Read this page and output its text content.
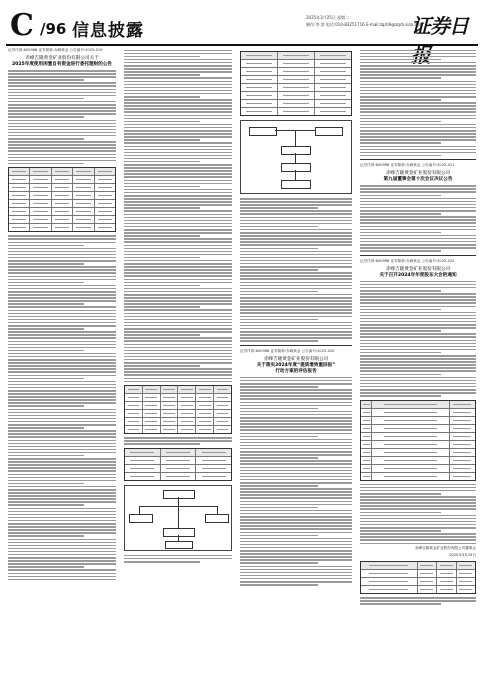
C /96 信息披露
2025年3月25日 星期二
制作:李 滨 电话:010-83251716 E-mail:zqrb9@zqrb.sina.net
证券日
证券代码:600988 证券简称:赤峰黄金 公告编号:2025-019
赤峰吉隆黄金矿业股份有限公司关于
2025年度使用闲置自有资金进行委托理财的公告
证券代码:600988 证券简称:赤峰黄金 公告编号:2025-020
赤峰吉隆黄金矿业股份有限公司
关于落实2024年度“提质增效重回报”
行动方案的评估报告
证券代码:600988 证券简称:赤峰黄金 公告编号:2025-021
赤峰吉隆黄金矿业股份有限公司
第九届董事会第十次会议决议公告
证券代码:600988 证券简称:赤峰黄金 公告编号:2025-022
赤峰吉隆黄金矿业股份有限公司
关于召开2024年年度股东大会的通知
赤峰吉隆黄金矿业股份有限公司董事会
2025年3月25日
